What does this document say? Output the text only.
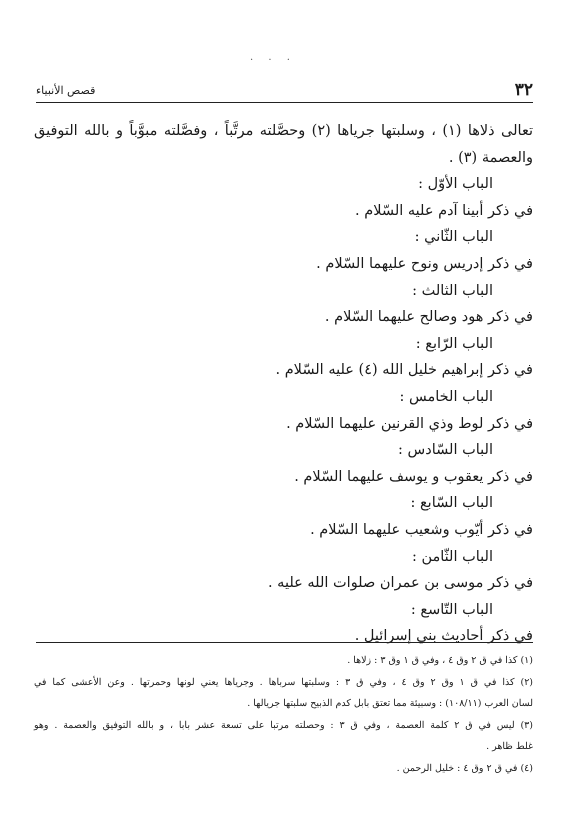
. . .
٣٢
قصص الأنبياء

تعالى ذلاها (١) ، وسلبتها جرياها (٢) وحصَّلته مرتَّباً ، وفصَّلته مبوَّباً و بالله التوفيق

والعصمة (٣) .

الباب الأوّل :

في ذكر أبينا آدم عليه السّلام .

الباب الثّاني :

في ذكر إدريس ونوح عليهما السّلام .

الباب الثالث :

في ذكر هود وصالح عليهما السّلام .

الباب الرّابع :

في ذكر إبراهيم خليل الله (٤) عليه السّلام .

الباب الخامس :

في ذكر لوط وذي القرنين عليهما السّلام .

الباب السّادس :

في ذكر يعقوب و يوسف عليهما السّلام .

الباب السّابع :

في ذكر أيّوب وشعيب عليهما السّلام .

الباب الثّامن :

في ذكر موسى بن عمران صلوات الله عليه .

الباب التّاسع :

في ذكر أحاديث بني إسرائيل .

(١) كذا في ق ٢ وق ٤ ، وفي ق ١ وق ٣ : زلاها .

(٢) كذا في ق ١ وق ٢ وق ٤ ، وفي ق ٣ : وسلبتها سرباها . وجرياها يعني لونها وحمرتها . وعن الأعشى كما في

لسان العرب (١٠٨/١١) : وسبيئة مما تعتق بابل كدم الذبيح سلبتها جريالها .

(٣) ليس في ق ٢ كلمة العصمة ، وفي ق ٣ : وحصلته مرتبا على تسعة عشر بابا ، و بالله التوفيق والعصمة . وهو

غلط ظاهر .

(٤) في ق ٢ وق ٤ : خليل الرحمن .
